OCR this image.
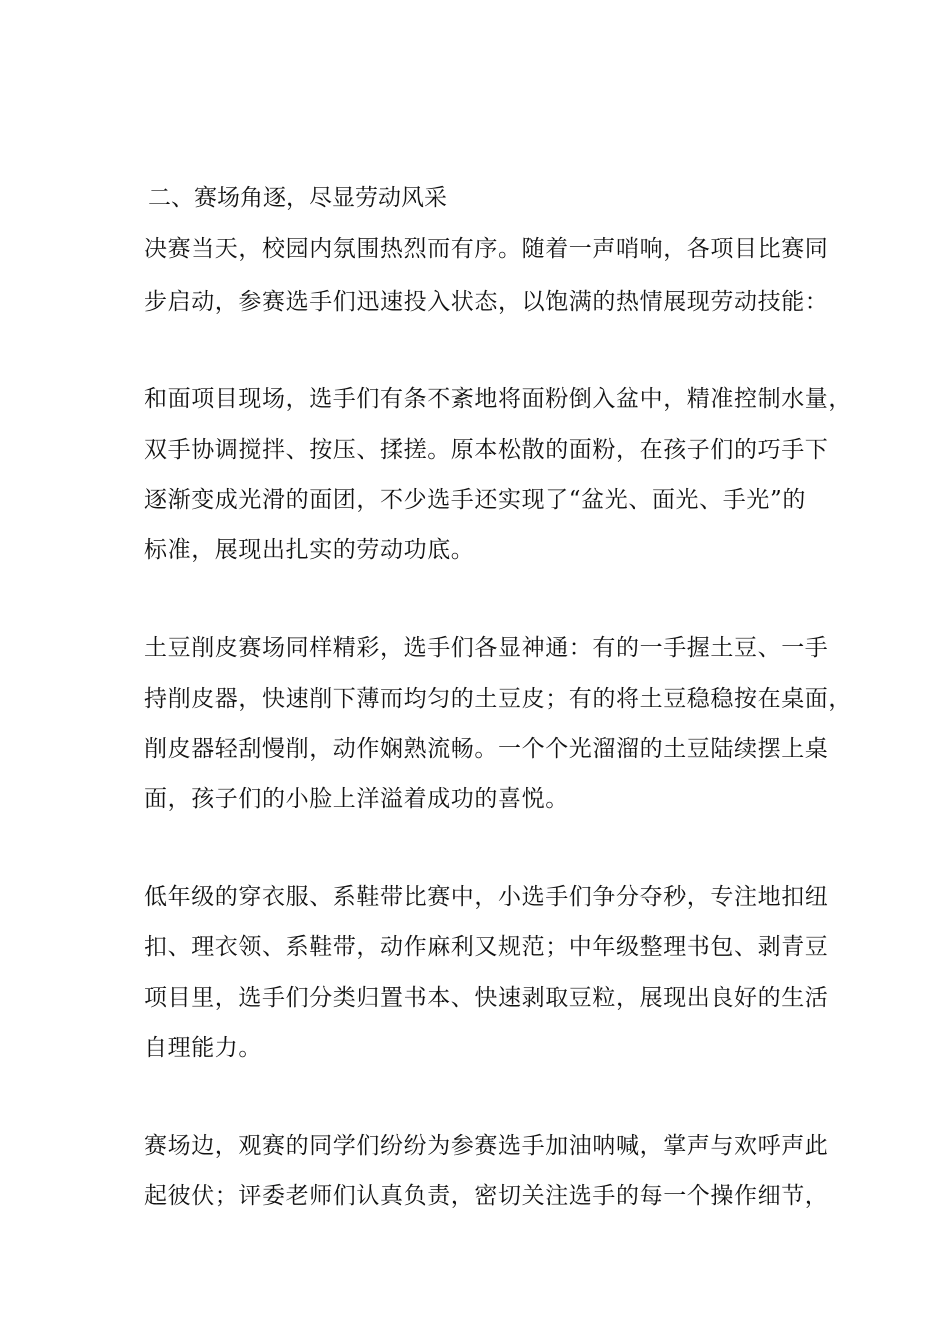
二、赛场角逐，尽显劳动风采
决赛当天，校园内氛围热烈而有序。随着一声哨响，各项目比赛同
步启动，参赛选手们迅速投入状态，以饱满的热情展现劳动技能：
和面项目现场，选手们有条不紊地将面粉倒入盆中，精准控制水量，
双手协调搅拌、按压、揉搓。原本松散的面粉，在孩子们的巧手下
逐渐变成光滑的面团，不少选手还实现了“盆光、面光、手光”的
标准，展现出扎实的劳动功底。
土豆削皮赛场同样精彩，选手们各显神通：有的一手握土豆、一手
持削皮器，快速削下薄而均匀的土豆皮；有的将土豆稳稳按在桌面，
削皮器轻刮慢削，动作娴熟流畅。一个个光溜溜的土豆陆续摆上桌
面，孩子们的小脸上洋溢着成功的喜悦。
低年级的穿衣服、系鞋带比赛中，小选手们争分夺秒，专注地扣纽
扣、理衣领、系鞋带，动作麻利又规范；中年级整理书包、剥青豆
项目里，选手们分类归置书本、快速剥取豆粒，展现出良好的生活
自理能力。
赛场边，观赛的同学们纷纷为参赛选手加油呐喊，掌声与欢呼声此
起彼伏；评委老师们认真负责，密切关注选手的每一个操作细节，
